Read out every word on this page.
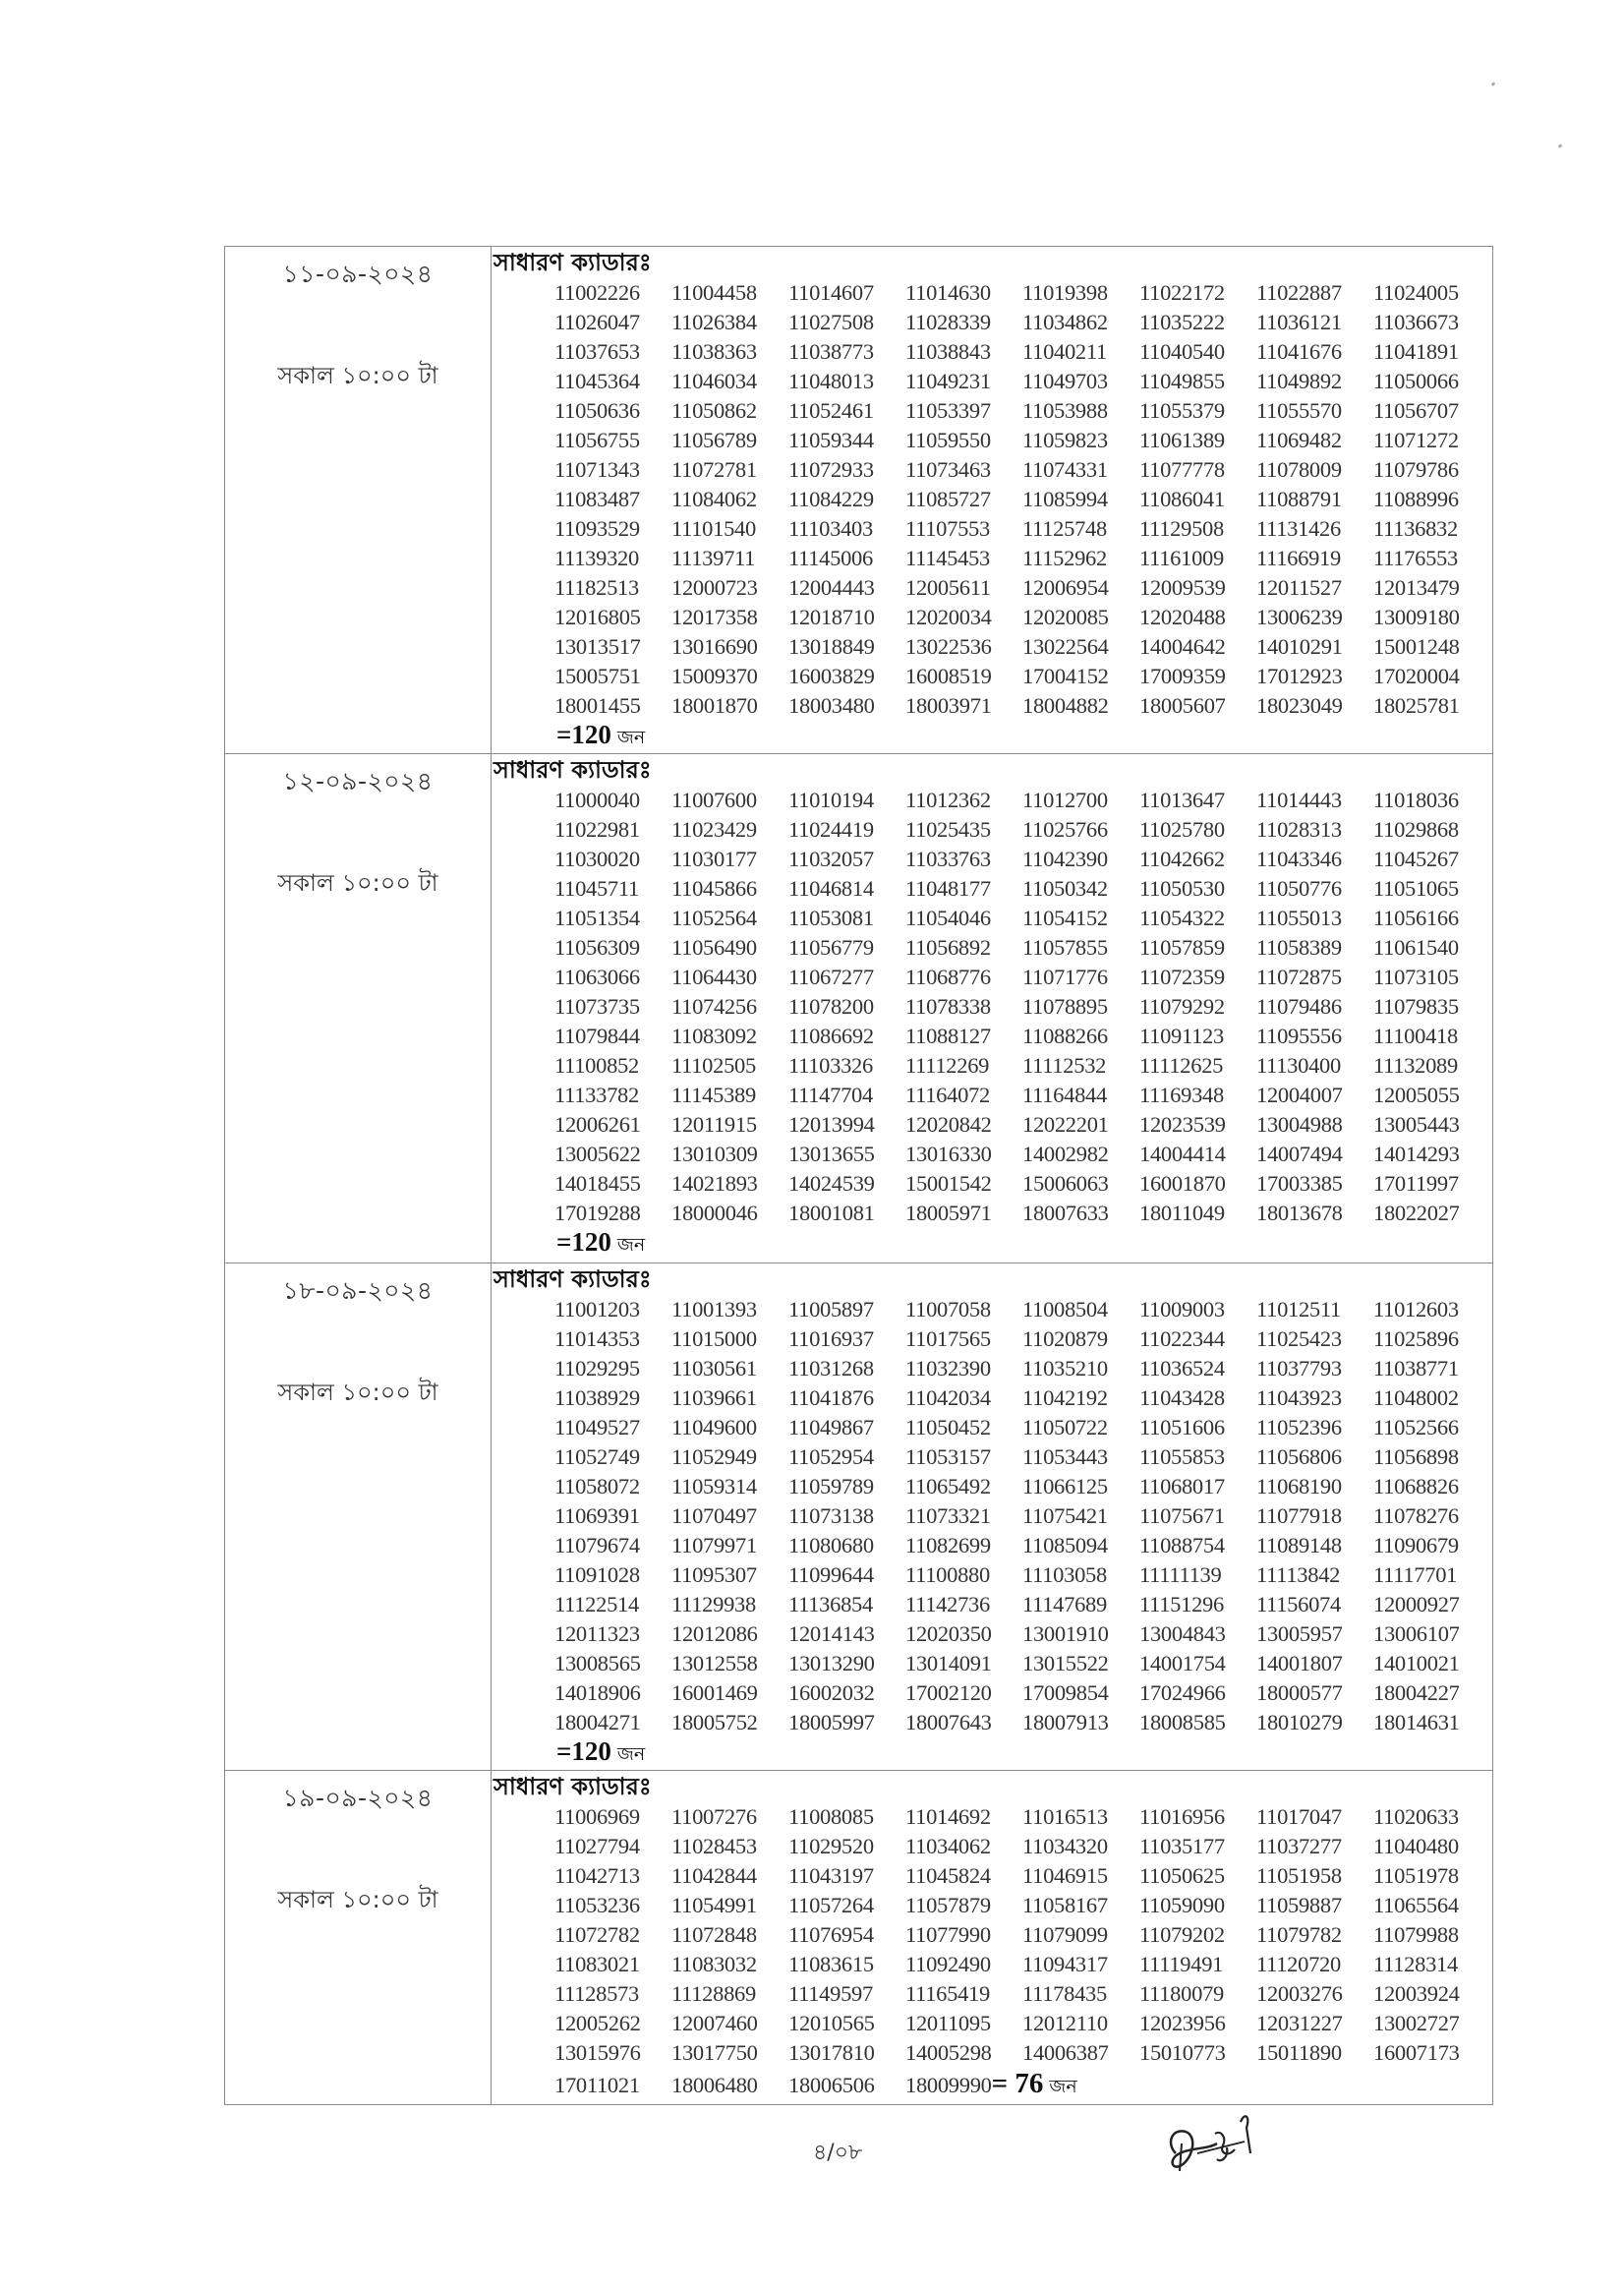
১১-০৯-২০২৪
সকাল ১০:০০ টা

সাধারণ ক্যাডারঃ
11002226	11004458	11014607	11014630	11019398	11022172	11022887	11024005
11026047	11026384	11027508	11028339	11034862	11035222	11036121	11036673
11037653	11038363	11038773	11038843	11040211	11040540	11041676	11041891
11045364	11046034	11048013	11049231	11049703	11049855	11049892	11050066
11050636	11050862	11052461	11053397	11053988	11055379	11055570	11056707
11056755	11056789	11059344	11059550	11059823	11061389	11069482	11071272
11071343	11072781	11072933	11073463	11074331	11077778	11078009	11079786
11083487	11084062	11084229	11085727	11085994	11086041	11088791	11088996
11093529	11101540	11103403	11107553	11125748	11129508	11131426	11136832
11139320	11139711	11145006	11145453	11152962	11161009	11166919	11176553
11182513	12000723	12004443	12005611	12006954	12009539	12011527	12013479
12016805	12017358	12018710	12020034	12020085	12020488	13006239	13009180
13013517	13016690	13018849	13022536	13022564	14004642	14010291	15001248
15005751	15009370	16003829	16008519	17004152	17009359	17012923	17020004
18001455	18001870	18003480	18003971	18004882	18005607	18023049	18025781
=120 জন

১২-০৯-২০২৪
সকাল ১০:০০ টা

সাধারণ ক্যাডারঃ
11000040	11007600	11010194	11012362	11012700	11013647	11014443	11018036
11022981	11023429	11024419	11025435	11025766	11025780	11028313	11029868
11030020	11030177	11032057	11033763	11042390	11042662	11043346	11045267
11045711	11045866	11046814	11048177	11050342	11050530	11050776	11051065
11051354	11052564	11053081	11054046	11054152	11054322	11055013	11056166
11056309	11056490	11056779	11056892	11057855	11057859	11058389	11061540
11063066	11064430	11067277	11068776	11071776	11072359	11072875	11073105
11073735	11074256	11078200	11078338	11078895	11079292	11079486	11079835
11079844	11083092	11086692	11088127	11088266	11091123	11095556	11100418
11100852	11102505	11103326	11112269	11112532	11112625	11130400	11132089
11133782	11145389	11147704	11164072	11164844	11169348	12004007	12005055
12006261	12011915	12013994	12020842	12022201	12023539	13004988	13005443
13005622	13010309	13013655	13016330	14002982	14004414	14007494	14014293
14018455	14021893	14024539	15001542	15006063	16001870	17003385	17011997
17019288	18000046	18001081	18005971	18007633	18011049	18013678	18022027
=120 জন

১৮-০৯-২০২৪
সকাল ১০:০০ টা

সাধারণ ক্যাডারঃ
11001203	11001393	11005897	11007058	11008504	11009003	11012511	11012603
11014353	11015000	11016937	11017565	11020879	11022344	11025423	11025896
11029295	11030561	11031268	11032390	11035210	11036524	11037793	11038771
11038929	11039661	11041876	11042034	11042192	11043428	11043923	11048002
11049527	11049600	11049867	11050452	11050722	11051606	11052396	11052566
11052749	11052949	11052954	11053157	11053443	11055853	11056806	11056898
11058072	11059314	11059789	11065492	11066125	11068017	11068190	11068826
11069391	11070497	11073138	11073321	11075421	11075671	11077918	11078276
11079674	11079971	11080680	11082699	11085094	11088754	11089148	11090679
11091028	11095307	11099644	11100880	11103058	11111139	11113842	11117701
11122514	11129938	11136854	11142736	11147689	11151296	11156074	12000927
12011323	12012086	12014143	12020350	13001910	13004843	13005957	13006107
13008565	13012558	13013290	13014091	13015522	14001754	14001807	14010021
14018906	16001469	16002032	17002120	17009854	17024966	18000577	18004227
18004271	18005752	18005997	18007643	18007913	18008585	18010279	18014631
=120 জন

১৯-০৯-২০২৪
সকাল ১০:০০ টা

সাধারণ ক্যাডারঃ
11006969	11007276	11008085	11014692	11016513	11016956	11017047	11020633
11027794	11028453	11029520	11034062	11034320	11035177	11037277	11040480
11042713	11042844	11043197	11045824	11046915	11050625	11051958	11051978
11053236	11054991	11057264	11057879	11058167	11059090	11059887	11065564
11072782	11072848	11076954	11077990	11079099	11079202	11079782	11079988
11083021	11083032	11083615	11092490	11094317	11119491	11120720	11128314
11128573	11128869	11149597	11165419	11178435	11180079	12003276	12003924
12005262	12007460	12010565	12011095	12012110	12023956	12031227	13002727
13015976	13017750	13017810	14005298	14006387	15010773	15011890	16007173
17011021	18006480	18006506	18009990 = 76 জন
৪/০৮
